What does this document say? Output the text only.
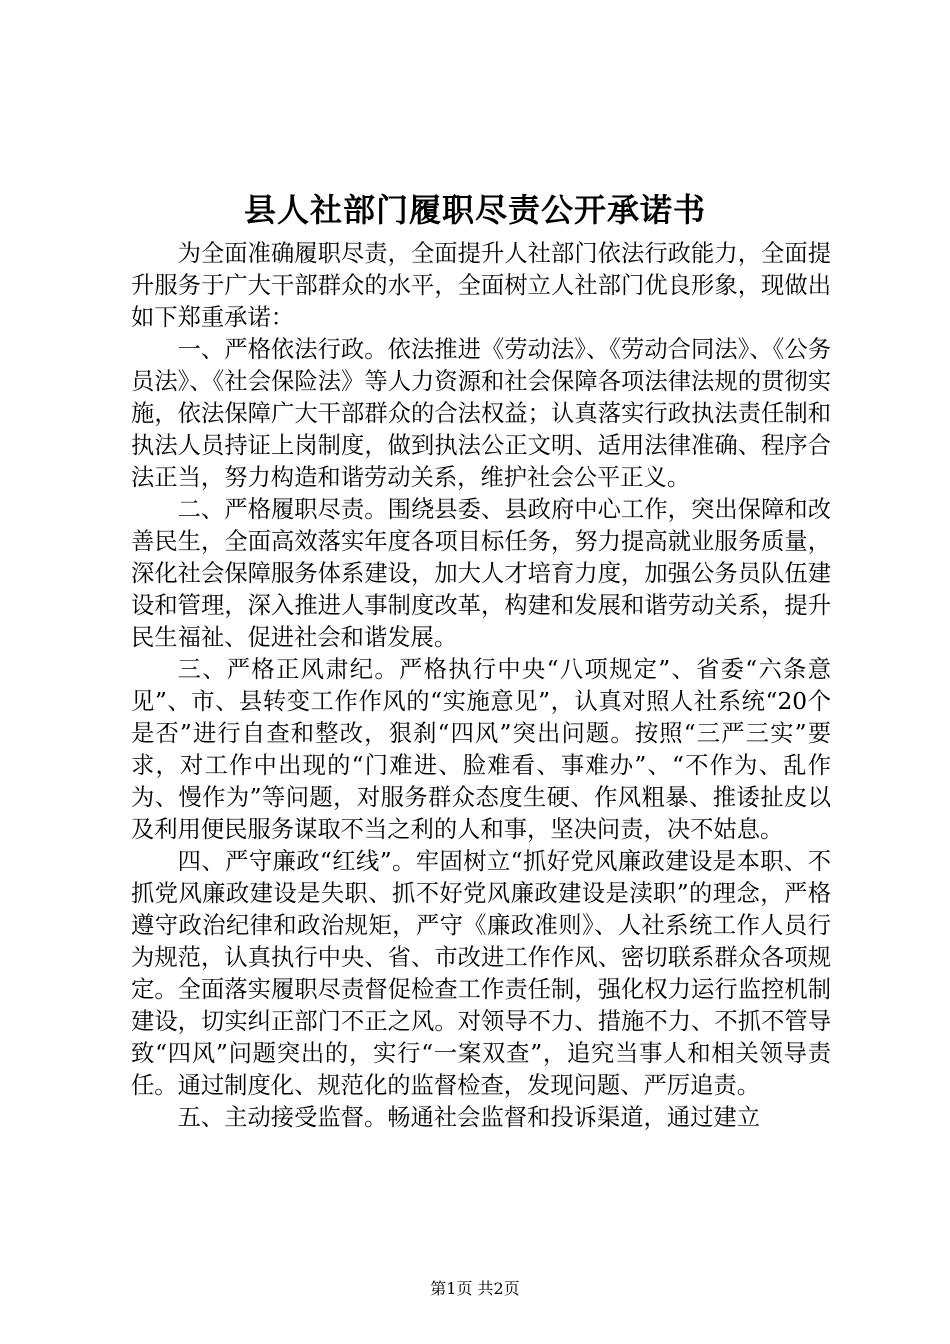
县人社部门履职尽责公开承诺书

为全面准确履职尽责，全面提升人社部门依法行政能力，全面提升服务于广大干部群众的水平，全面树立人社部门优良形象，现做出如下郑重承诺：

一、严格依法行政。依法推进《劳动法》、《劳动合同法》、《公务员法》、《社会保险法》等人力资源和社会保障各项法律法规的贯彻实施，依法保障广大干部群众的合法权益；认真落实行政执法责任制和执法人员持证上岗制度，做到执法公正文明、适用法律准确、程序合法正当，努力构造和谐劳动关系，维护社会公平正义。

二、严格履职尽责。围绕县委、县政府中心工作，突出保障和改善民生，全面高效落实年度各项目标任务，努力提高就业服务质量，深化社会保障服务体系建设，加大人才培育力度，加强公务员队伍建设和管理，深入推进人事制度改革，构建和发展和谐劳动关系，提升民生福祉、促进社会和谐发展。

三、严格正风肃纪。严格执行中央“八项规定”、省委“六条意见”、市、县转变工作作风的“实施意见”，认真对照人社系统“20个是否”进行自查和整改，狠刹“四风”突出问题。按照“三严三实”要求，对工作中出现的“门难进、脸难看、事难办”、“不作为、乱作为、慢作为”等问题，对服务群众态度生硬、作风粗暴、推诿扯皮以及利用便民服务谋取不当之利的人和事，坚决问责，决不姑息。

四、严守廉政“红线”。牢固树立“抓好党风廉政建设是本职、不抓党风廉政建设是失职、抓不好党风廉政建设是渎职”的理念，严格遵守政治纪律和政治规矩，严守《廉政准则》、人社系统工作人员行为规范，认真执行中央、省、市改进工作作风、密切联系群众各项规定。全面落实履职尽责督促检查工作责任制，强化权力运行监控机制建设，切实纠正部门不正之风。对领导不力、措施不力、不抓不管导致“四风”问题突出的，实行“一案双查”，追究当事人和相关领导责任。通过制度化、规范化的监督检查，发现问题、严厉追责。

五、主动接受监督。畅通社会监督和投诉渠道，通过建立

第1页 共2页
